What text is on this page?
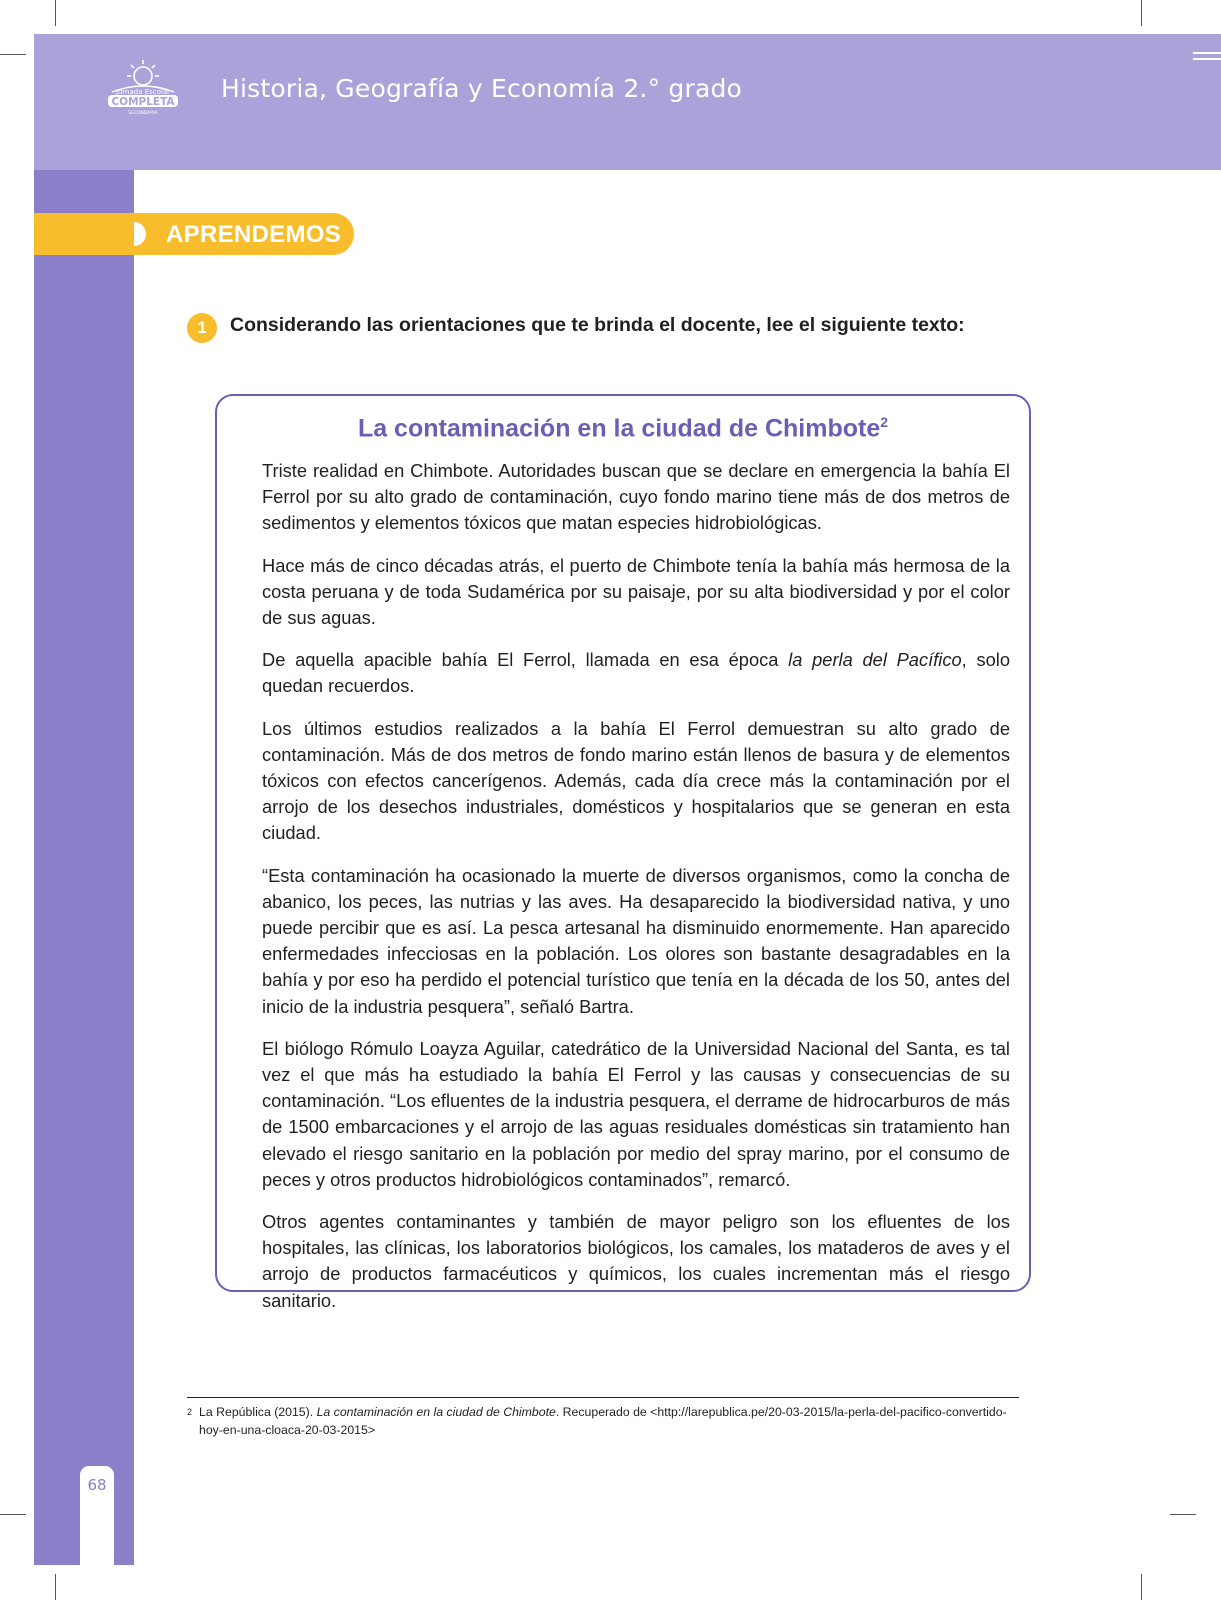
Jornada Escolar
COMPLETA
SECUNDARIA
Historia, Geografía y Economía 2.° grado
68
APRENDEMOS
1	Considerando las orientaciones que te brinda el docente, lee el siguiente texto:
La contaminación en la ciudad de Chimbote$^2$

Triste realidad en Chimbote. Autoridades buscan que se declare en emergencia la bahía El Ferrol por su alto grado de contaminación, cuyo fondo marino tiene más de dos metros de sedimentos y elementos tóxicos que matan especies hidrobiológicas.

Hace más de cinco décadas atrás, el puerto de Chimbote tenía la bahía más hermosa de la costa peruana y de toda Sudamérica por su paisaje, por su alta biodiversidad y por el color de sus aguas.

De aquella apacible bahía El Ferrol, llamada en esa época la perla del Pacífico, solo quedan recuerdos.

Los últimos estudios realizados a la bahía El Ferrol demuestran su alto grado de contaminación. Más de dos metros de fondo marino están llenos de basura y de elementos tóxicos con efectos cancerígenos. Además, cada día crece más la contaminación por el arrojo de los desechos industriales, domésticos y hospitalarios que se generan en esta ciudad.

“Esta contaminación ha ocasionado la muerte de diversos organismos, como la concha de abanico, los peces, las nutrias y las aves. Ha desaparecido la biodiversidad nativa, y uno puede percibir que es así. La pesca artesanal ha disminuido enormemente. Han aparecido enfermedades infecciosas en la población. Los olores son bastante desagradables en la bahía y por eso ha perdido el potencial turístico que tenía en la década de los 50, antes del inicio de la industria pesquera”, señaló Bartra.

El biólogo Rómulo Loayza Aguilar, catedrático de la Universidad Nacional del Santa, es tal vez el que más ha estudiado la bahía El Ferrol y las causas y consecuencias de su contaminación. “Los efluentes de la industria pesquera, el derrame de hidrocarburos de más de 1500 embarcaciones y el arrojo de las aguas residuales domésticas sin tratamiento han elevado el riesgo sanitario en la población por medio del spray marino, por el consumo de peces y otros productos hidrobiológicos contaminados”, remarcó.

Otros agentes contaminantes y también de mayor peligro son los efluentes de los hospitales, las clínicas, los laboratorios biológicos, los camales, los mataderos de aves y el arrojo de productos farmacéuticos y químicos, los cuales incrementan más el riesgo sanitario.

2 La República (2015). La contaminación en la ciudad de Chimbote. Recuperado de <http://larepublica.pe/20-03-2015/la-perla-del-pacifico-convertido-hoy-en-una-cloaca-20-03-2015>
